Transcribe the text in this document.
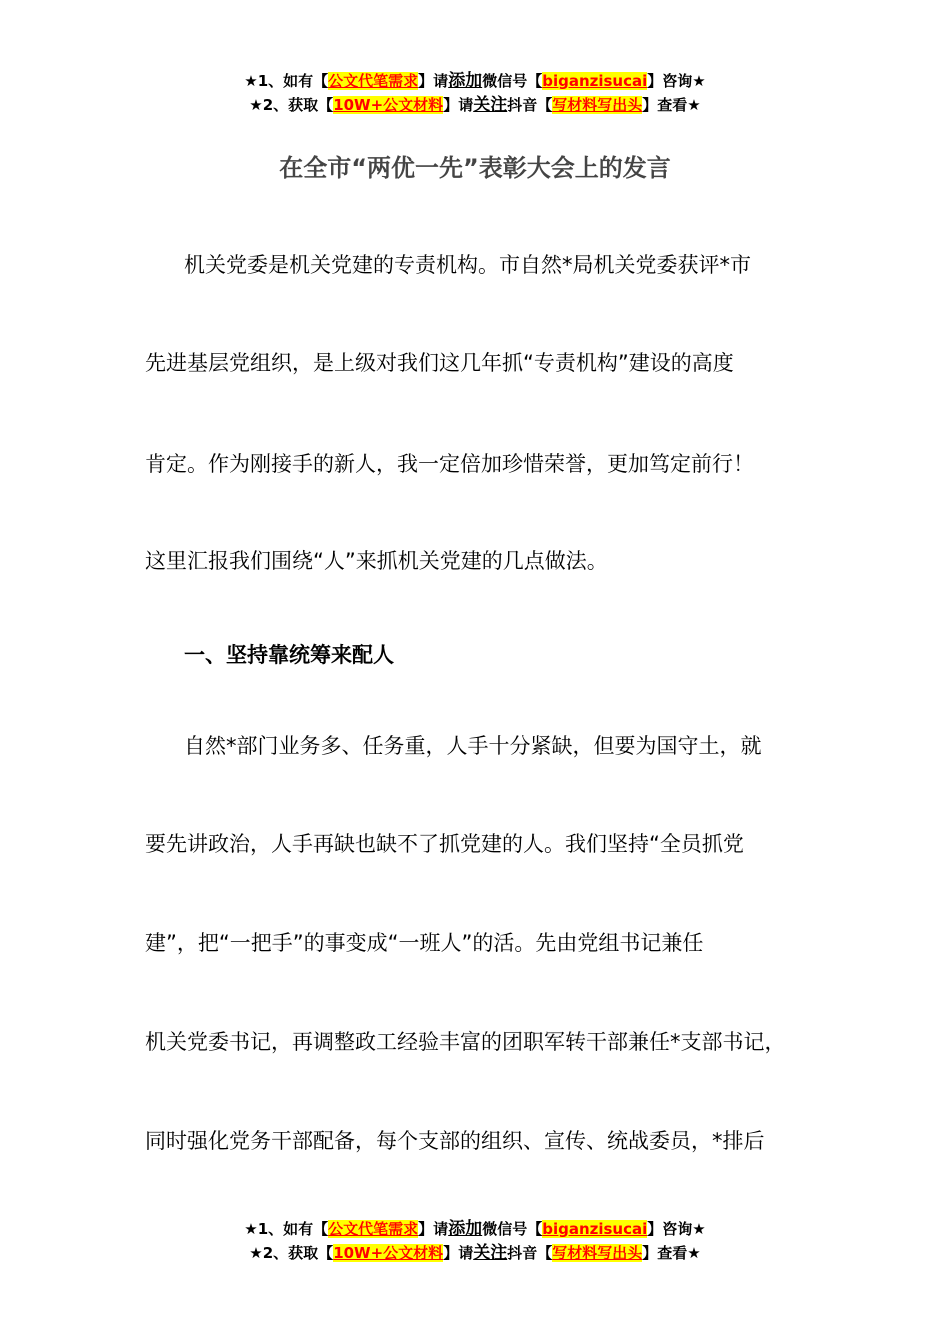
★1、如有【公文代笔需求】请添加微信号【biganzisucai】咨询★
★2、获取【10W+公文材料】请关注抖音【写材料写出头】查看★
在全市“两优一先”表彰大会上的发言
机关党委是机关党建的专责机构。市自然*局机关党委获评*市
先进基层党组织，是上级对我们这几年抓“专责机构”建设的高度
肯定。作为刚接手的新人，我一定倍加珍惜荣誉，更加笃定前行！
这里汇报我们围绕“人”来抓机关党建的几点做法。
一、坚持靠统筹来配人
自然*部门业务多、任务重，人手十分紧缺，但要为国守土，就
要先讲政治，人手再缺也缺不了抓党建的人。我们坚持“全员抓党
建”，把“一把手”的事变成“一班人”的活。先由党组书记兼任
机关党委书记，再调整政工经验丰富的团职军转干部兼任*支部书记，
同时强化党务干部配备，每个支部的组织、宣传、统战委员，*排后
★1、如有【公文代笔需求】请添加微信号【biganzisucai】咨询★
★2、获取【10W+公文材料】请关注抖音【写材料写出头】查看★
